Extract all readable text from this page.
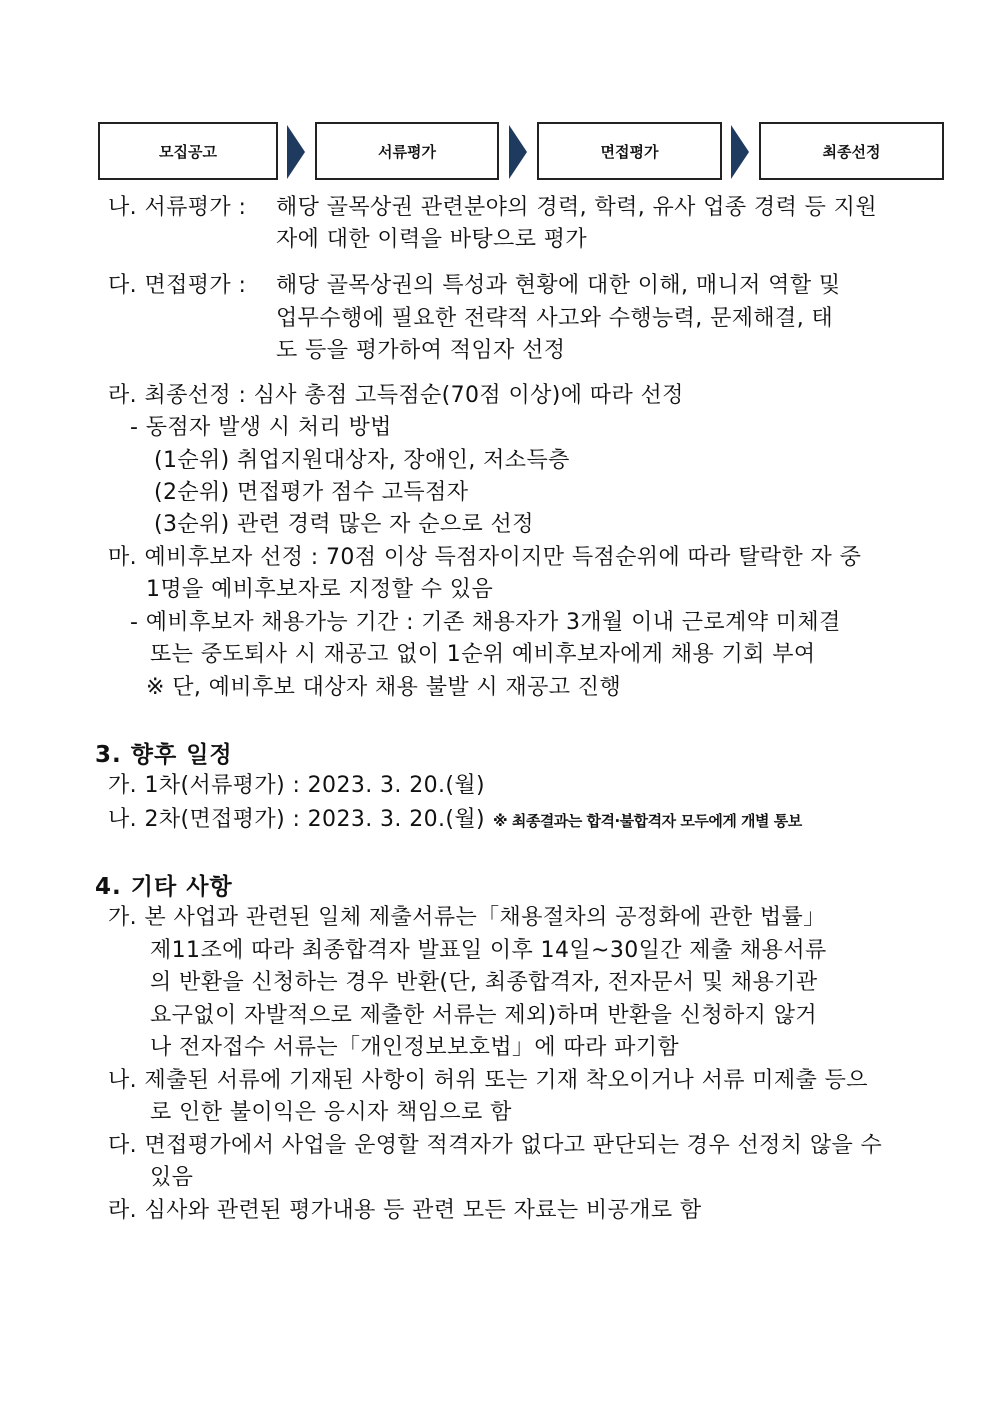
모집공고	서류평가	면접평가	최종선정
나. 서류평가 : 해당 골목상권 관련분야의 경력, 학력, 유사 업종 경력 등 지원
자에 대한 이력을 바탕으로 평가
다. 면접평가 : 해당 골목상권의 특성과 현황에 대한 이해, 매니저 역할 및
업무수행에 필요한 전략적 사고와 수행능력, 문제해결, 태
도 등을 평가하여 적임자 선정
라. 최종선정 : 심사 총점 고득점순(70점 이상)에 따라 선정
- 동점자 발생 시 처리 방법
(1순위) 취업지원대상자, 장애인, 저소득층
(2순위) 면접평가 점수 고득점자
(3순위) 관련 경력 많은 자 순으로 선정
마. 예비후보자 선정 : 70점 이상 득점자이지만 득점순위에 따라 탈락한 자 중
1명을 예비후보자로 지정할 수 있음
- 예비후보자 채용가능 기간 : 기존 채용자가 3개월 이내 근로계약 미체결
또는 중도퇴사 시 재공고 없이 1순위 예비후보자에게 채용 기회 부여
※ 단, 예비후보 대상자 채용 불발 시 재공고 진행
3. 향후 일정
가. 1차(서류평가) : 2023. 3. 20.(월)
나. 2차(면접평가) : 2023. 3. 20.(월) ※ 최종결과는 합격·불합격자 모두에게 개별 통보
4. 기타 사항
가. 본 사업과 관련된 일체 제출서류는「채용절차의 공정화에 관한 법률」
제11조에 따라 최종합격자 발표일 이후 14일~30일간 제출 채용서류
의 반환을 신청하는 경우 반환(단, 최종합격자, 전자문서 및 채용기관
요구없이 자발적으로 제출한 서류는 제외)하며 반환을 신청하지 않거
나 전자접수 서류는「개인정보보호법」에 따라 파기함
나. 제출된 서류에 기재된 사항이 허위 또는 기재 착오이거나 서류 미제출 등으
로 인한 불이익은 응시자 책임으로 함
다. 면접평가에서 사업을 운영할 적격자가 없다고 판단되는 경우 선정치 않을 수
있음
라. 심사와 관련된 평가내용 등 관련 모든 자료는 비공개로 함
